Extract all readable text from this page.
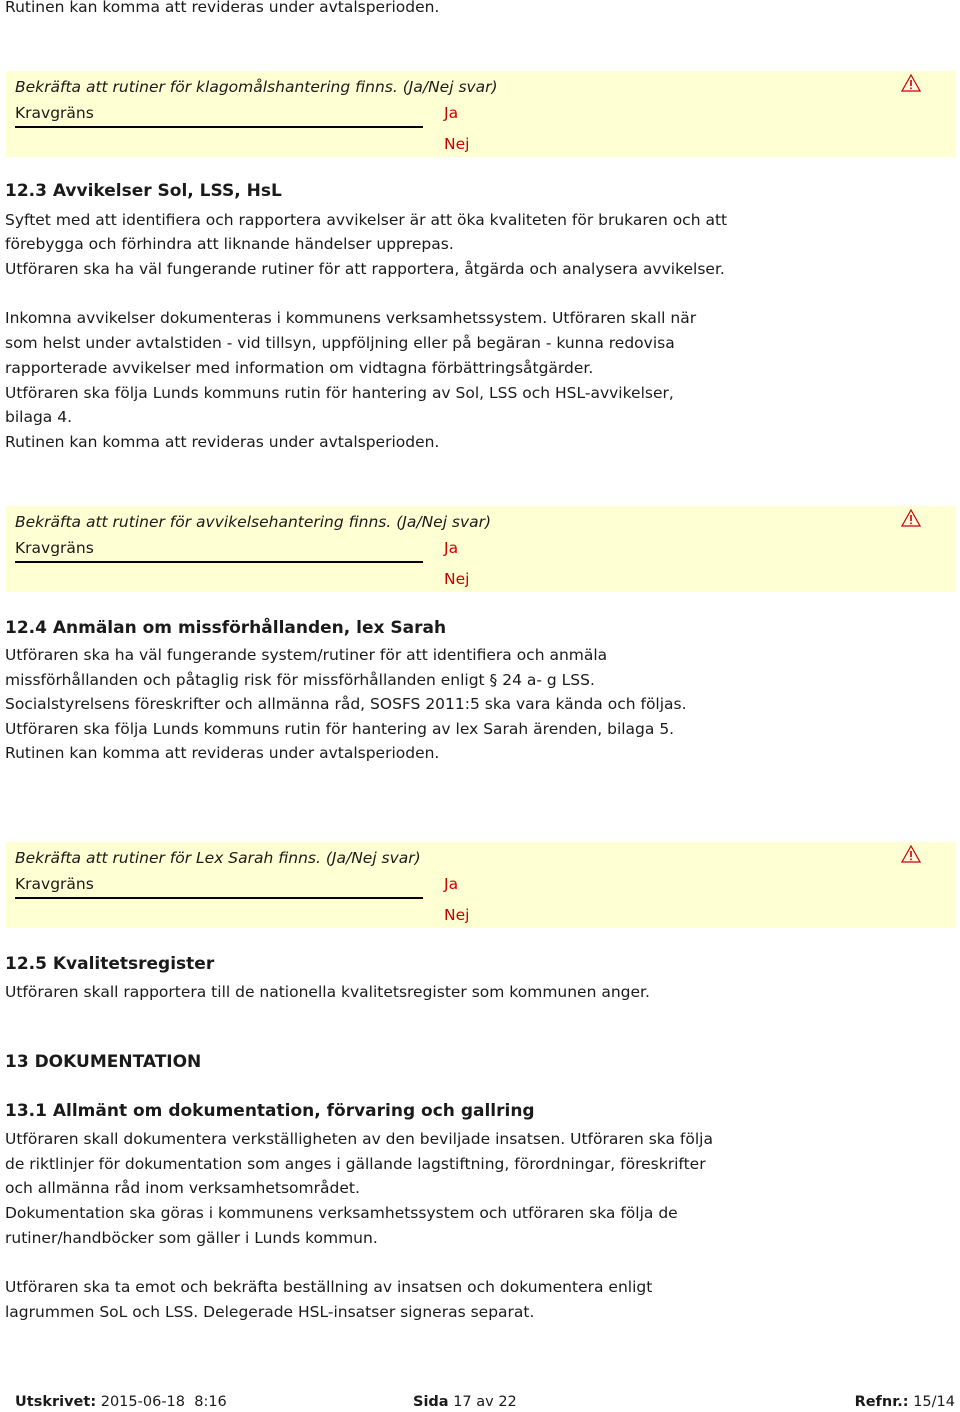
Rutinen kan komma att revideras under avtalsperioden.
Bekräfta att rutiner för klagomålshantering finns. (Ja/Nej svar)
Kravgräns	Ja
Nej
12.3 Avvikelser Sol, LSS, HsL
Syftet med att identifiera och rapportera avvikelser är att öka kvaliteten för brukaren och att
förebygga och förhindra att liknande händelser upprepas.
Utföraren ska ha väl fungerande rutiner för att rapportera, åtgärda och analysera avvikelser.
Inkomna avvikelser dokumenteras i kommunens verksamhetssystem. Utföraren skall när
som helst under avtalstiden - vid tillsyn, uppföljning eller på begäran - kunna redovisa
rapporterade avvikelser med information om vidtagna förbättringsåtgärder.
Utföraren ska följa Lunds kommuns rutin för hantering av Sol, LSS och HSL-avvikelser,
bilaga 4.
Rutinen kan komma att revideras under avtalsperioden.
Bekräfta att rutiner för avvikelsehantering finns. (Ja/Nej svar)
Kravgräns	Ja
Nej
12.4 Anmälan om missförhållanden, lex Sarah
Utföraren ska ha väl fungerande system/rutiner för att identifiera och anmäla
missförhållanden och påtaglig risk för missförhållanden enligt § 24 a- g LSS.
Socialstyrelsens föreskrifter och allmänna råd, SOSFS 2011:5 ska vara kända och följas.
Utföraren ska följa Lunds kommuns rutin för hantering av lex Sarah ärenden, bilaga 5.
Rutinen kan komma att revideras under avtalsperioden.
Bekräfta att rutiner för Lex Sarah finns. (Ja/Nej svar)
Kravgräns	Ja
Nej
12.5 Kvalitetsregister
Utföraren skall rapportera till de nationella kvalitetsregister som kommunen anger.
13 DOKUMENTATION
13.1 Allmänt om dokumentation, förvaring och gallring
Utföraren skall dokumentera verkställigheten av den beviljade insatsen. Utföraren ska följa
de riktlinjer för dokumentation som anges i gällande lagstiftning, förordningar, föreskrifter
och allmänna råd inom verksamhetsområdet.
Dokumentation ska göras i kommunens verksamhetssystem och utföraren ska följa de
rutiner/handböcker som gäller i Lunds kommun.
Utföraren ska ta emot och bekräfta beställning av insatsen och dokumentera enligt
lagrummen SoL och LSS. Delegerade HSL-insatser signeras separat.
Utskrivet: 2015-06-18  8:16	Sida 17 av 22	Refnr.: 15/14
